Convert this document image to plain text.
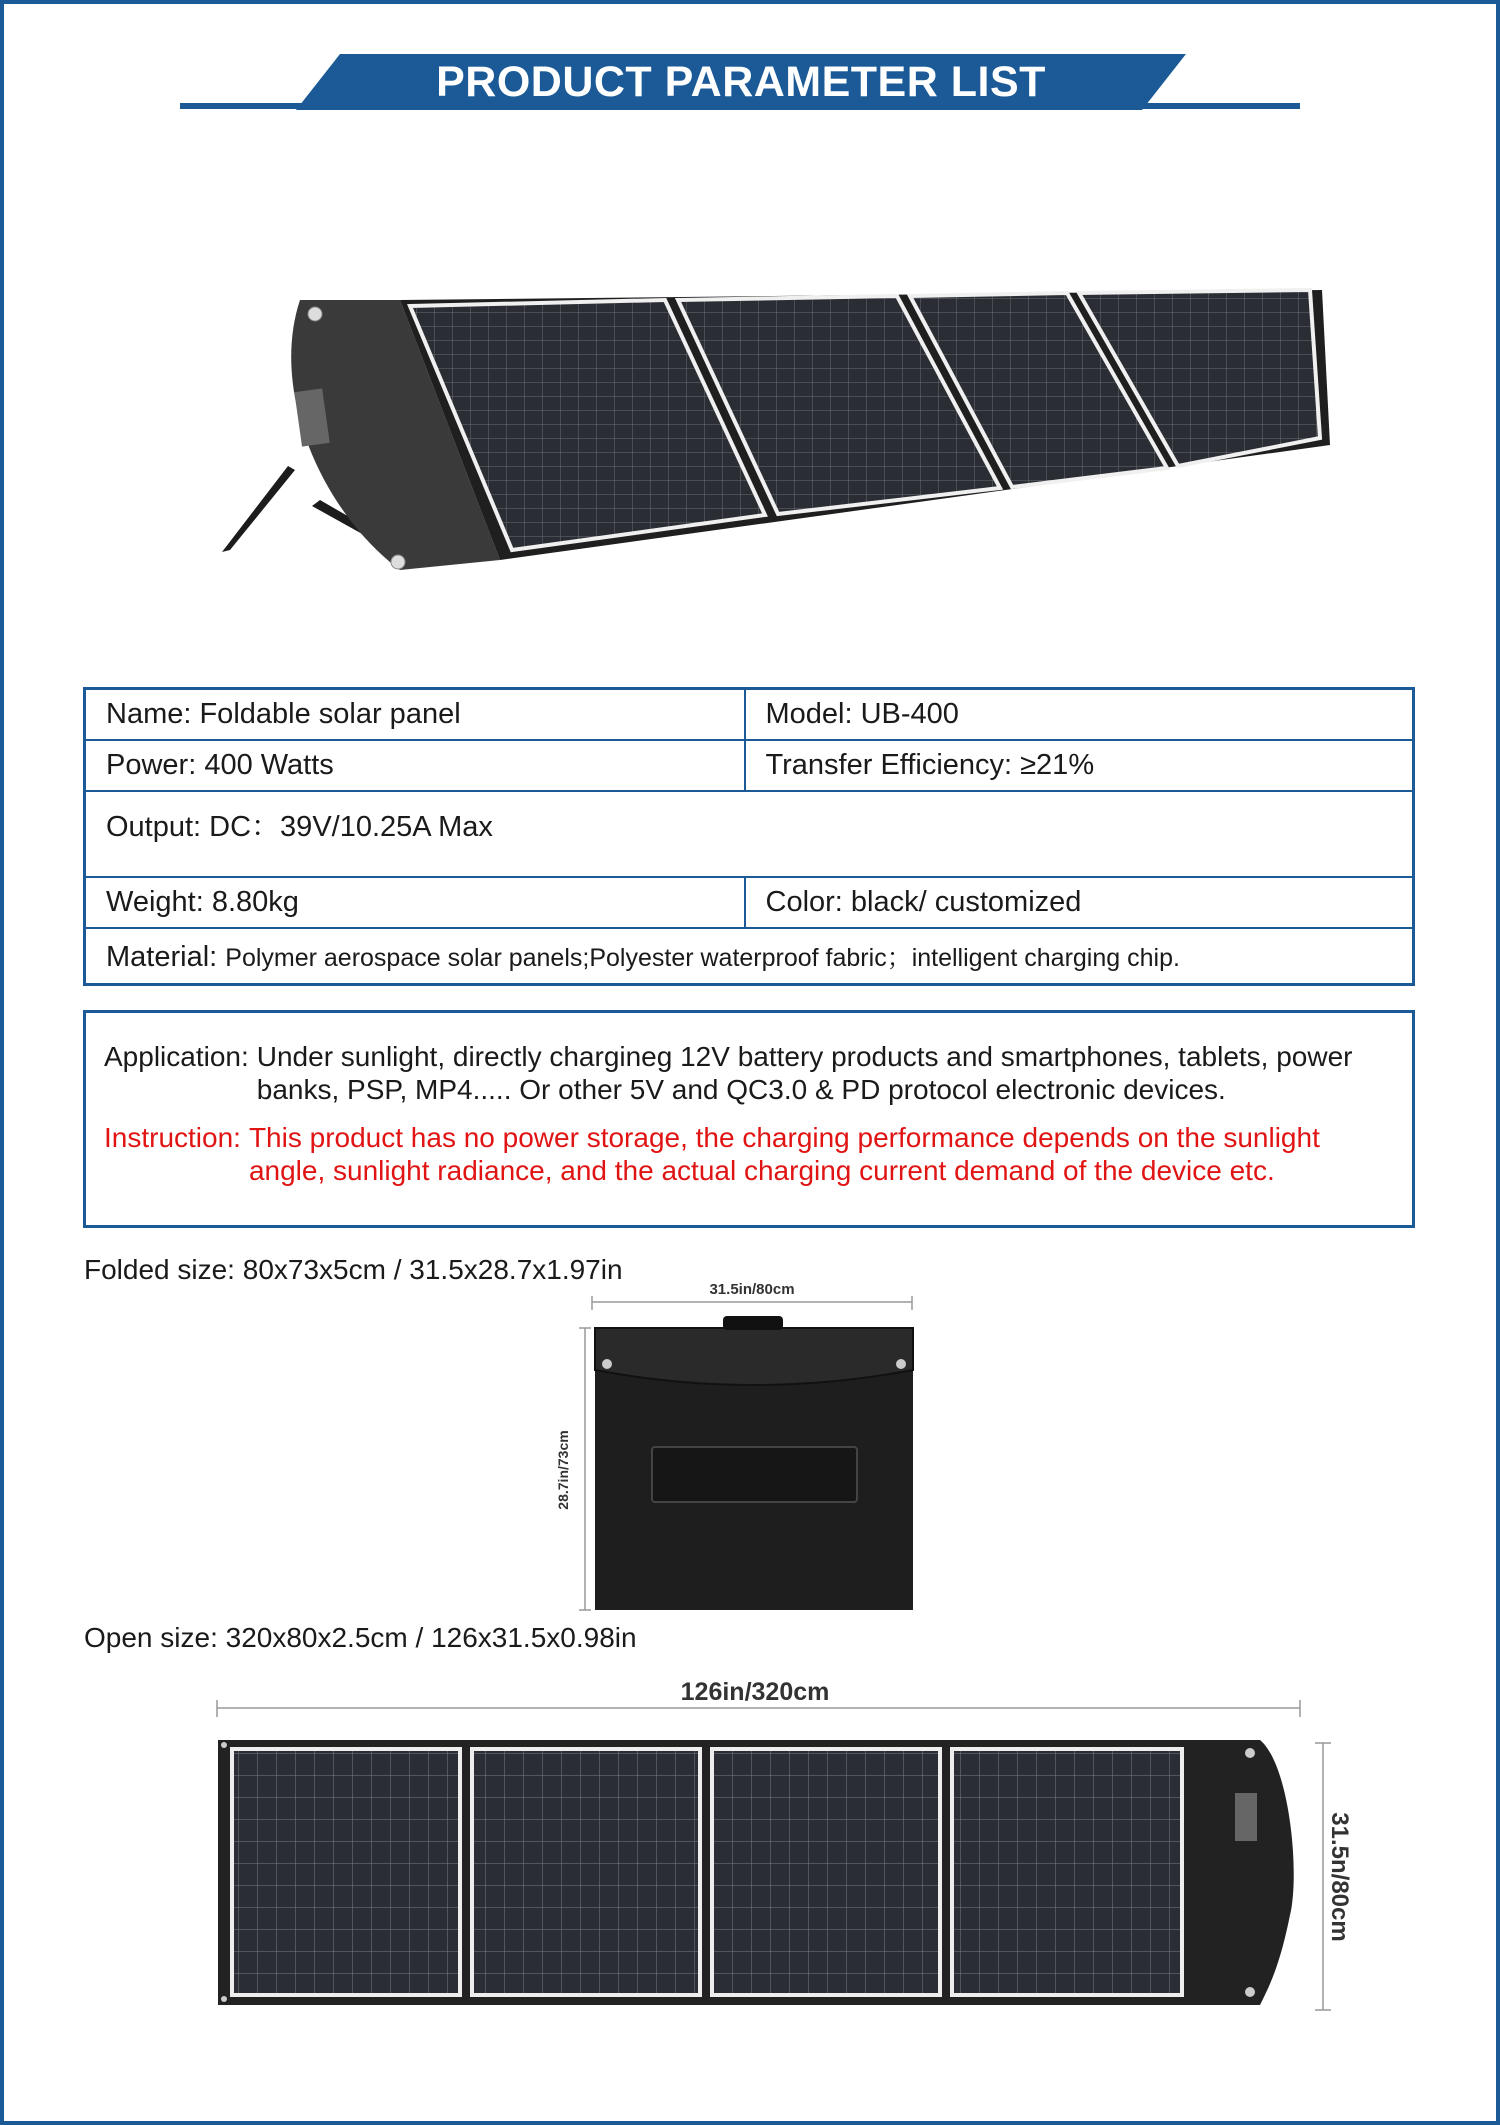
PRODUCT PARAMETER LIST
Name: Foldable solar panel	Model: UB-400
Power: 400 Watts	Transfer Efficiency: ≥21%
Output: DC：39V/10.25A Max	
Weight: 8.80kg	Color: black/ customized
Material: Polymer aerospace solar panels;Polyester waterproof fabric；intelligent charging chip.	
Application: Under sunlight, directly chargineg 12V battery products and smartphones, tablets, power banks, PSP, MP4..... Or other 5V and QC3.0 & PD protocol electronic devices.
Instruction: This product has no power storage, the charging performance depends on the sunlight angle, sunlight radiance, and the actual charging current demand of the device etc.
Folded size: 80x73x5cm / 31.5x28.7x1.97in
31.5in/80cm
28.7in/73cm
Open size: 320x80x2.5cm / 126x31.5x0.98in
126in/320cm
31.5n/80cm
